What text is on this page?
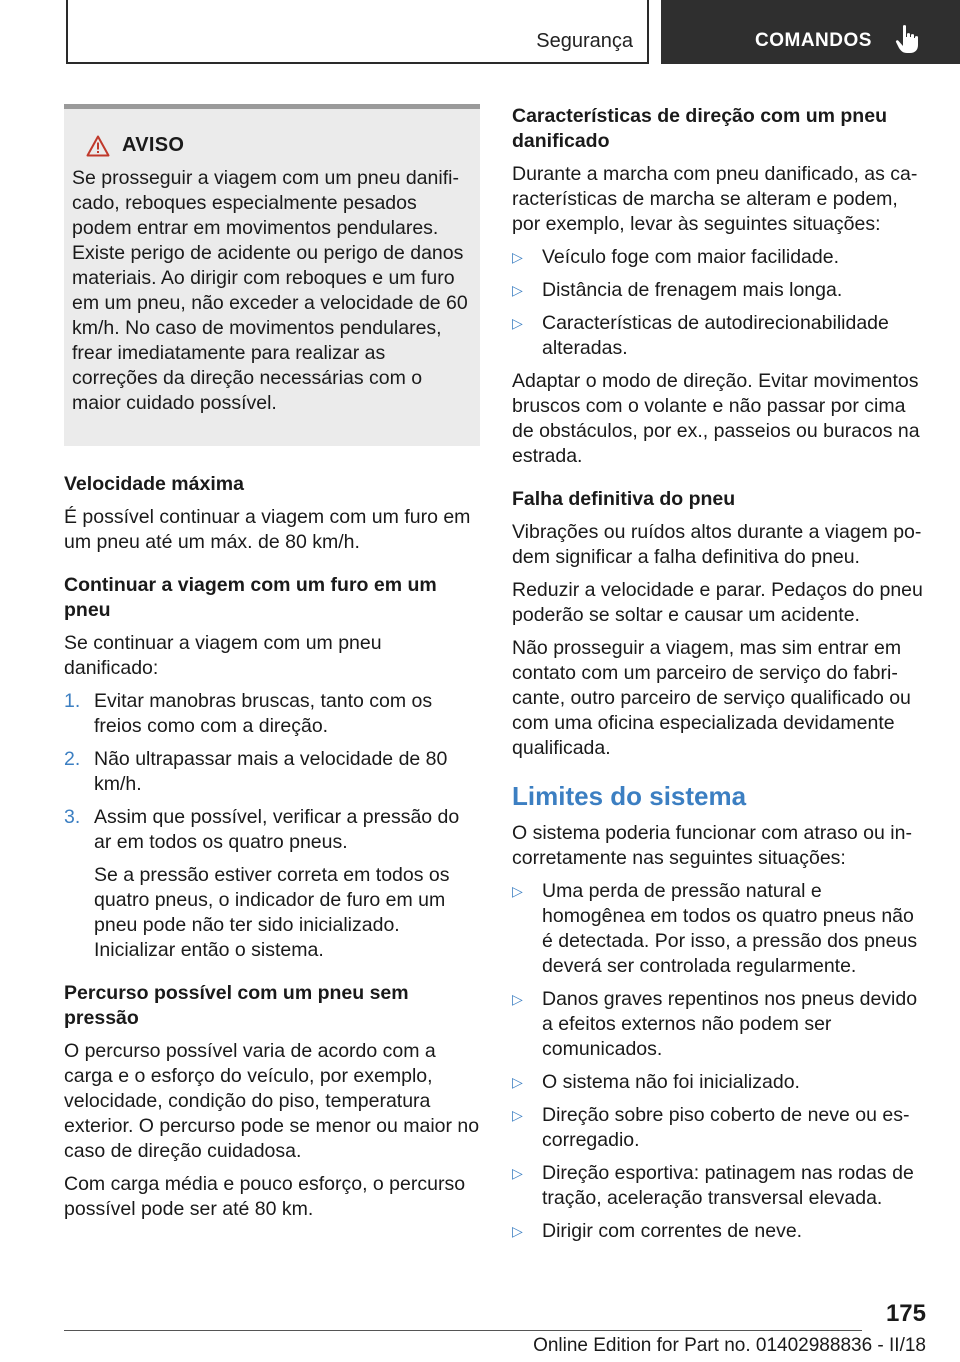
Segurança	COMANDOS
AVISO

Se prosseguir a viagem com um pneu danificado, reboques especialmente pesados podem entrar em movimentos pendulares. Existe perigo de acidente ou perigo de danos materiais. Ao dirigir com reboques e um furo em um pneu, não exceder a velocidade de 60 km/h. No caso de movimentos pendulares, frear imediatamente para realizar as correções da direção necessárias com o maior cuidado possível.

Velocidade máxima

É possível continuar a viagem com um furo em um pneu até um máx. de 80 km/h.

Continuar a viagem com um furo em um pneu

Se continuar a viagem com um pneu danificado:

1. Evitar manobras bruscas, tanto com os freios como com a direção.

2. Não ultrapassar mais a velocidade de 80 km/h.

3. Assim que possível, verificar a pressão do ar em todos os quatro pneus.

Se a pressão estiver correta em todos os quatro pneus, o indicador de furo em um pneu pode não ter sido inicializado. Inicializar então o sistema.

Percurso possível com um pneu sem pressão

O percurso possível varia de acordo com a carga e o esforço do veículo, por exemplo, velocidade, condição do piso, temperatura exterior. O percurso pode se menor ou maior no caso de direção cuidadosa.

Com carga média e pouco esforço, o percurso possível pode ser até 80 km.

Características de direção com um pneu danificado

Durante a marcha com pneu danificado, as características de marcha se alteram e podem, por exemplo, levar às seguintes situações:

▷ Veículo foge com maior facilidade.
▷ Distância de frenagem mais longa.
▷ Características de autodirecionabilidade alteradas.

Adaptar o modo de direção. Evitar movimentos bruscos com o volante e não passar por cima de obstáculos, por ex., passeios ou buracos na estrada.

Falha definitiva do pneu

Vibrações ou ruídos altos durante a viagem podem significar a falha definitiva do pneu.

Reduzir a velocidade e parar. Pedaços do pneu poderão se soltar e causar um acidente.

Não prosseguir a viagem, mas sim entrar em contato com um parceiro de serviço do fabricante, outro parceiro de serviço qualificado ou com uma oficina especializada devidamente qualificada.

Limites do sistema

O sistema poderia funcionar com atraso ou incorretamente nas seguintes situações:

▷ Uma perda de pressão natural e homogênea em todos os quatro pneus não é detectada. Por isso, a pressão dos pneus deverá ser controlada regularmente.
▷ Danos graves repentinos nos pneus devido a efeitos externos não podem ser comunicados.
▷ O sistema não foi inicializado.
▷ Direção sobre piso coberto de neve ou escorregadio.
▷ Direção esportiva: patinagem nas rodas de tração, aceleração transversal elevada.
▷ Dirigir com correntes de neve.
175
Online Edition for Part no. 01402988836 - II/18
